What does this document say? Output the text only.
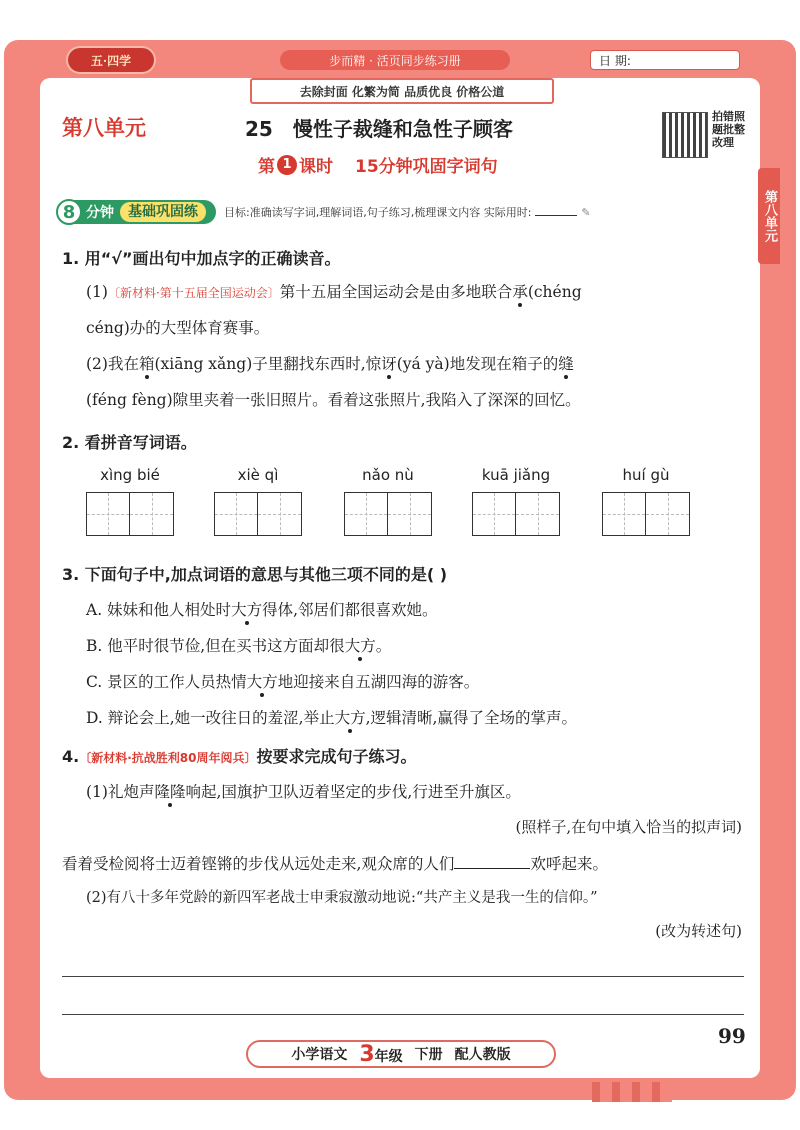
五·四学	步而精 · 活页同步练习册	日 期:
去除封面 化繁为简 品质优良 价格公道
第八单元	25 慢性子裁缝和急性子顾客
第 1 课时 15分钟巩固字词句
拍错照题批整改理
第八单元
8 分钟	基础巩固练	目标:准确读写字词,理解词语,句子练习,梳理课文内容 实际用时:	✎
1. 用“√”画出句中加点字的正确读音。
(1)〔新材料·第十五届全国运动会〕第十五届全国运动会是由多地联合承(chéng
céng)办的大型体育赛事。
(2)我在箱(xiāng xǎng)子里翻找东西时,惊讶(yá yà)地发现在箱子的缝
(féng fèng)隙里夹着一张旧照片。看着这张照片,我陷入了深深的回忆。
2. 看拼音写词语。
xìng bié	xiè qì	nǎo nù	kuā jiǎng	huí gù
3. 下面句子中,加点词语的意思与其他三项不同的是( )
A. 妹妹和他人相处时大方得体,邻居们都很喜欢她。
B. 他平时很节俭,但在买书这方面却很大方。
C. 景区的工作人员热情大方地迎接来自五湖四海的游客。
D. 辩论会上,她一改往日的羞涩,举止大方,逻辑清晰,赢得了全场的掌声。
4.〔新材料·抗战胜利80周年阅兵〕按要求完成句子练习。
(1)礼炮声隆隆响起,国旗护卫队迈着坚定的步伐,行进至升旗区。
(照样子,在句中填入恰当的拟声词)
看着受检阅将士迈着铿锵的步伐从远处走来,观众席的人们	欢呼起来。
(2)有八十多年党龄的新四军老战士申秉寂激动地说:“共产主义是我一生的信仰。”
(改为转述句)
99
小学语文 3年级 下册 配人教版
